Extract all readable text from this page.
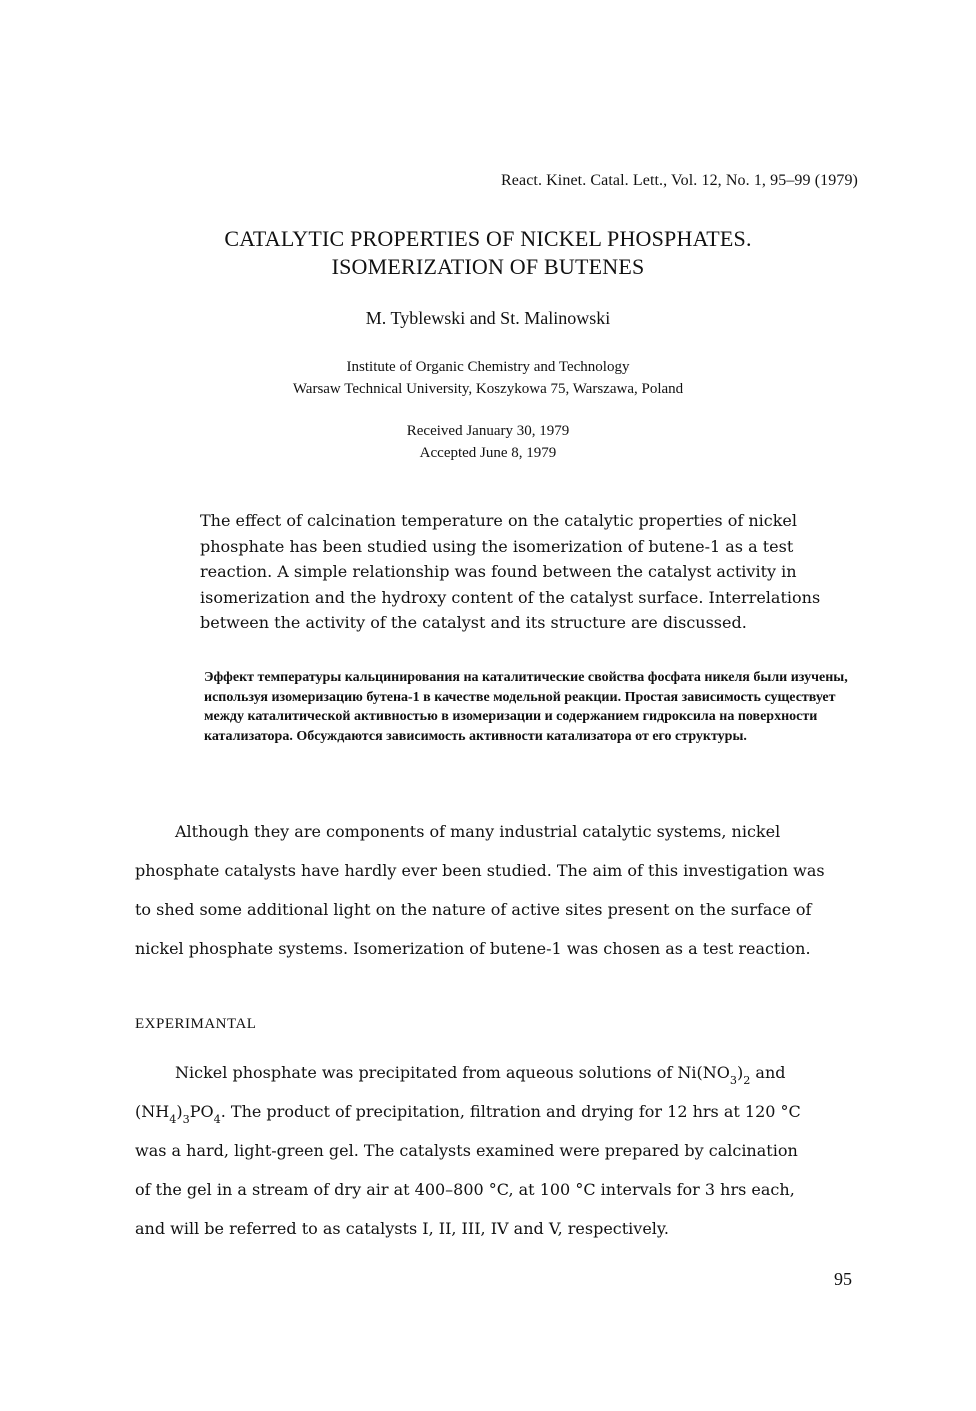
React. Kinet. Catal. Lett., Vol. 12, No. 1, 95–99 (1979)
CATALYTIC PROPERTIES OF NICKEL PHOSPHATES.
ISOMERIZATION OF BUTENES
M. Tyblewski and St. Malinowski
Institute of Organic Chemistry and Technology
Warsaw Technical University, Koszykowa 75, Warszawa, Poland
Received January 30, 1979
Accepted June 8, 1979
The effect of calcination temperature on the catalytic properties of nickel phosphate has been studied using the isomerization of butene-1 as a test reaction. A simple relationship was found between the catalyst activity in isomerization and the hydroxy content of the catalyst surface. Interrelations between the activity of the catalyst and its structure are discussed.
Эффект температуры кальцинирования на каталитические свойства фосфата никеля были изучены, используя изомеризацию бутена-1 в качестве модельной реакции. Простая зависимость существует между каталитической активностью в изомеризации и содержанием гидроксила на поверхности катализатора. Обсуждаются зависимость активности катализатора от его структуры.
Although they are components of many industrial catalytic systems, nickel
phosphate catalysts have hardly ever been studied. The aim of this investigation was
to shed some additional light on the nature of active sites present on the surface of
nickel phosphate systems. Isomerization of butene-1 was chosen as a test reaction.
EXPERIMANTAL
Nickel phosphate was precipitated from aqueous solutions of $Ni(NO_3)_2$ and
$(NH_4)_3PO_4$. The product of precipitation, filtration and drying for 12 hrs at 120 °C
was a hard, light-green gel. The catalysts examined were prepared by calcination
of the gel in a stream of dry air at 400–800 °C, at 100 °C intervals for 3 hrs each,
and will be referred to as catalysts I, II, III, IV and V, respectively.
95
